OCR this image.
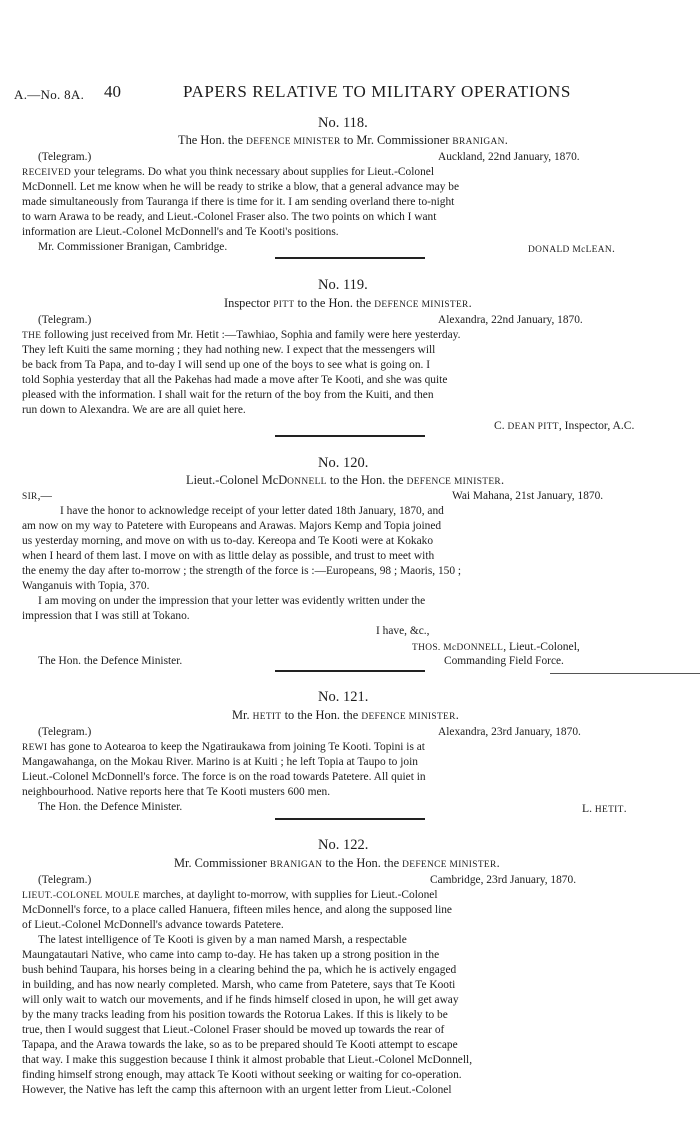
A.—No. 8A. 40	PAPERS RELATIVE TO MILITARY OPERATIONS
No. 118.
The Hon. the DEFENCE MINISTER to Mr. Commissioner BRANIGAN.
(Telegram.)	Auckland, 22nd January, 1870.
RECEIVED your telegrams. Do what you think necessary about supplies for Lieut.-Colonel
McDonnell. Let me know when he will be ready to strike a blow, that a general advance may be
made simultaneously from Tauranga if there is time for it. I am sending overland there to-night
to warn Arawa to be ready, and Lieut.-Colonel Fraser also. The two points on which I want
information are Lieut.-Colonel McDonnell's and Te Kooti's positions.
Mr. Commissioner Branigan, Cambridge.	DONALD McLEAN.
No. 119.
Inspector PITT to the Hon. the DEFENCE MINISTER.
(Telegram.)	Alexandra, 22nd January, 1870.
THE following just received from Mr. Hetit :—Tawhiao, Sophia and family were here yesterday.
They left Kuiti the same morning ; they had nothing new. I expect that the messengers will
be back from Ta Papa, and to-day I will send up one of the boys to see what is going on. I
told Sophia yesterday that all the Pakehas had made a move after Te Kooti, and she was quite
pleased with the information. I shall wait for the return of the boy from the Kuiti, and then
run down to Alexandra. We are are all quiet here.
C. DEAN PITT, Inspector, A.C.
No. 120.
Lieut.-Colonel McDONNELL to the Hon. the DEFENCE MINISTER.
SIR,—	Wai Mahana, 21st January, 1870.
I have the honor to acknowledge receipt of your letter dated 18th January, 1870, and
am now on my way to Patetere with Europeans and Arawas. Majors Kemp and Topia joined
us yesterday morning, and move on with us to-day. Kereopa and Te Kooti were at Kokako
when I heard of them last. I move on with as little delay as possible, and trust to meet with
the enemy the day after to-morrow ; the strength of the force is :—Europeans, 98 ; Maoris, 150 ;
Wanganuis with Topia, 370.
I am moving on under the impression that your letter was evidently written under the
impression that I was still at Tokano.
I have, &c.,
THOS. McDONNELL, Lieut.-Colonel,
The Hon. the Defence Minister.	Commanding Field Force.
No. 121.
Mr. HETIT to the Hon. the DEFENCE MINISTER.
(Telegram.)	Alexandra, 23rd January, 1870.
REWI has gone to Aotearoa to keep the Ngatiraukawa from joining Te Kooti. Topini is at
Mangawahanga, on the Mokau River. Marino is at Kuiti ; he left Topia at Taupo to join
Lieut.-Colonel McDonnell's force. The force is on the road towards Patetere. All quiet in
neighbourhood. Native reports here that Te Kooti musters 600 men.
The Hon. the Defence Minister.	L. HETIT.
No. 122.
Mr. Commissioner BRANIGAN to the Hon. the DEFENCE MINISTER.
(Telegram.)	Cambridge, 23rd January, 1870.
LIEUT.-COLONEL MOULE marches, at daylight to-morrow, with supplies for Lieut.-Colonel
McDonnell's force, to a place called Hanuera, fifteen miles hence, and along the supposed line
of Lieut.-Colonel McDonnell's advance towards Patetere.
The latest intelligence of Te Kooti is given by a man named Marsh, a respectable
Maungatautari Native, who came into camp to-day. He has taken up a strong position in the
bush behind Taupara, his horses being in a clearing behind the pa, which he is actively engaged
in building, and has now nearly completed. Marsh, who came from Patetere, says that Te Kooti
will only wait to watch our movements, and if he finds himself closed in upon, he will get away
by the many tracks leading from his position towards the Rotorua Lakes. If this is likely to be
true, then I would suggest that Lieut.-Colonel Fraser should be moved up towards the rear of
Tapapa, and the Arawa towards the lake, so as to be prepared should Te Kooti attempt to escape
that way. I make this suggestion because I think it almost probable that Lieut.-Colonel McDonnell,
finding himself strong enough, may attack Te Kooti without seeking or waiting for co-operation.
However, the Native has left the camp this afternoon with an urgent letter from Lieut.-Colonel
